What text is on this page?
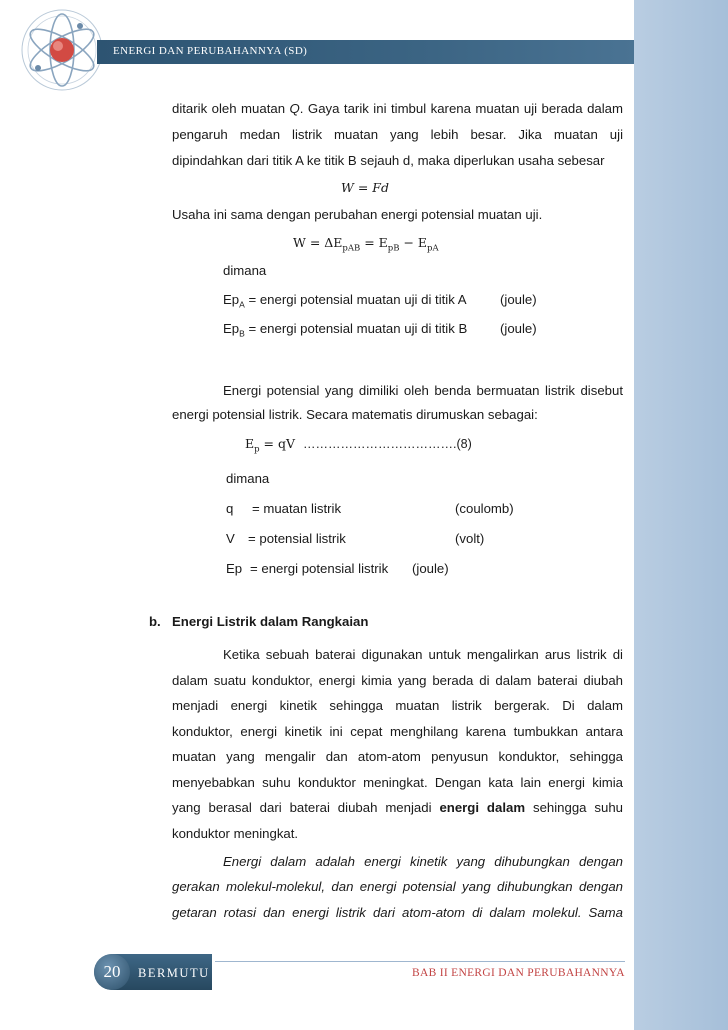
ENERGI DAN PERUBAHANNYA (SD)
ditarik oleh muatan Q. Gaya tarik ini timbul karena muatan uji berada dalam
pengaruh medan listrik muatan yang lebih besar. Jika muatan uji
dipindahkan dari titik A ke titik B sejauh d, maka diperlukan usaha sebesar
W = Fd
Usaha ini sama dengan perubahan energi potensial muatan uji.
$W = \Delta E_{pAB} = E_{pB} - E_{pA}$
dimana
$Ep_A$ = energi potensial muatan uji di titik A	(joule)
$Ep_B$ = energi potensial muatan uji di titik B (joule)
Energi potensial yang dimiliki oleh benda bermuatan listrik disebut
energi potensial listrik. Secara matematis dirumuskan sebagai:
$E_p$ = qV ……………………………….(8)
dimana
q = muatan listrik	(coulomb)
V = potensial listrik	(volt)
Ep = energi potensial listrik (joule)
b. Energi Listrik dalam Rangkaian
Ketika sebuah baterai digunakan untuk mengalirkan arus listrik di
dalam suatu konduktor, energi kimia yang berada di dalam baterai diubah
menjadi energi kinetik sehingga muatan listrik bergerak. Di dalam
konduktor, energi kinetik ini cepat menghilang karena tumbukkan antara
muatan yang mengalir dan atom-atom penyusun konduktor, sehingga
menyebabkan suhu konduktor meningkat. Dengan kata lain energi kimia
yang berasal dari baterai diubah menjadi energi dalam sehingga suhu
konduktor meningkat.
Energi dalam adalah energi kinetik yang dihubungkan dengan
gerakan molekul-molekul, dan energi potensial yang dihubungkan dengan
getaran rotasi dan energi listrik dari atom-atom di dalam molekul. Sama
20	BERMUTU	BAB II ENERGI DAN PERUBAHANNYA
